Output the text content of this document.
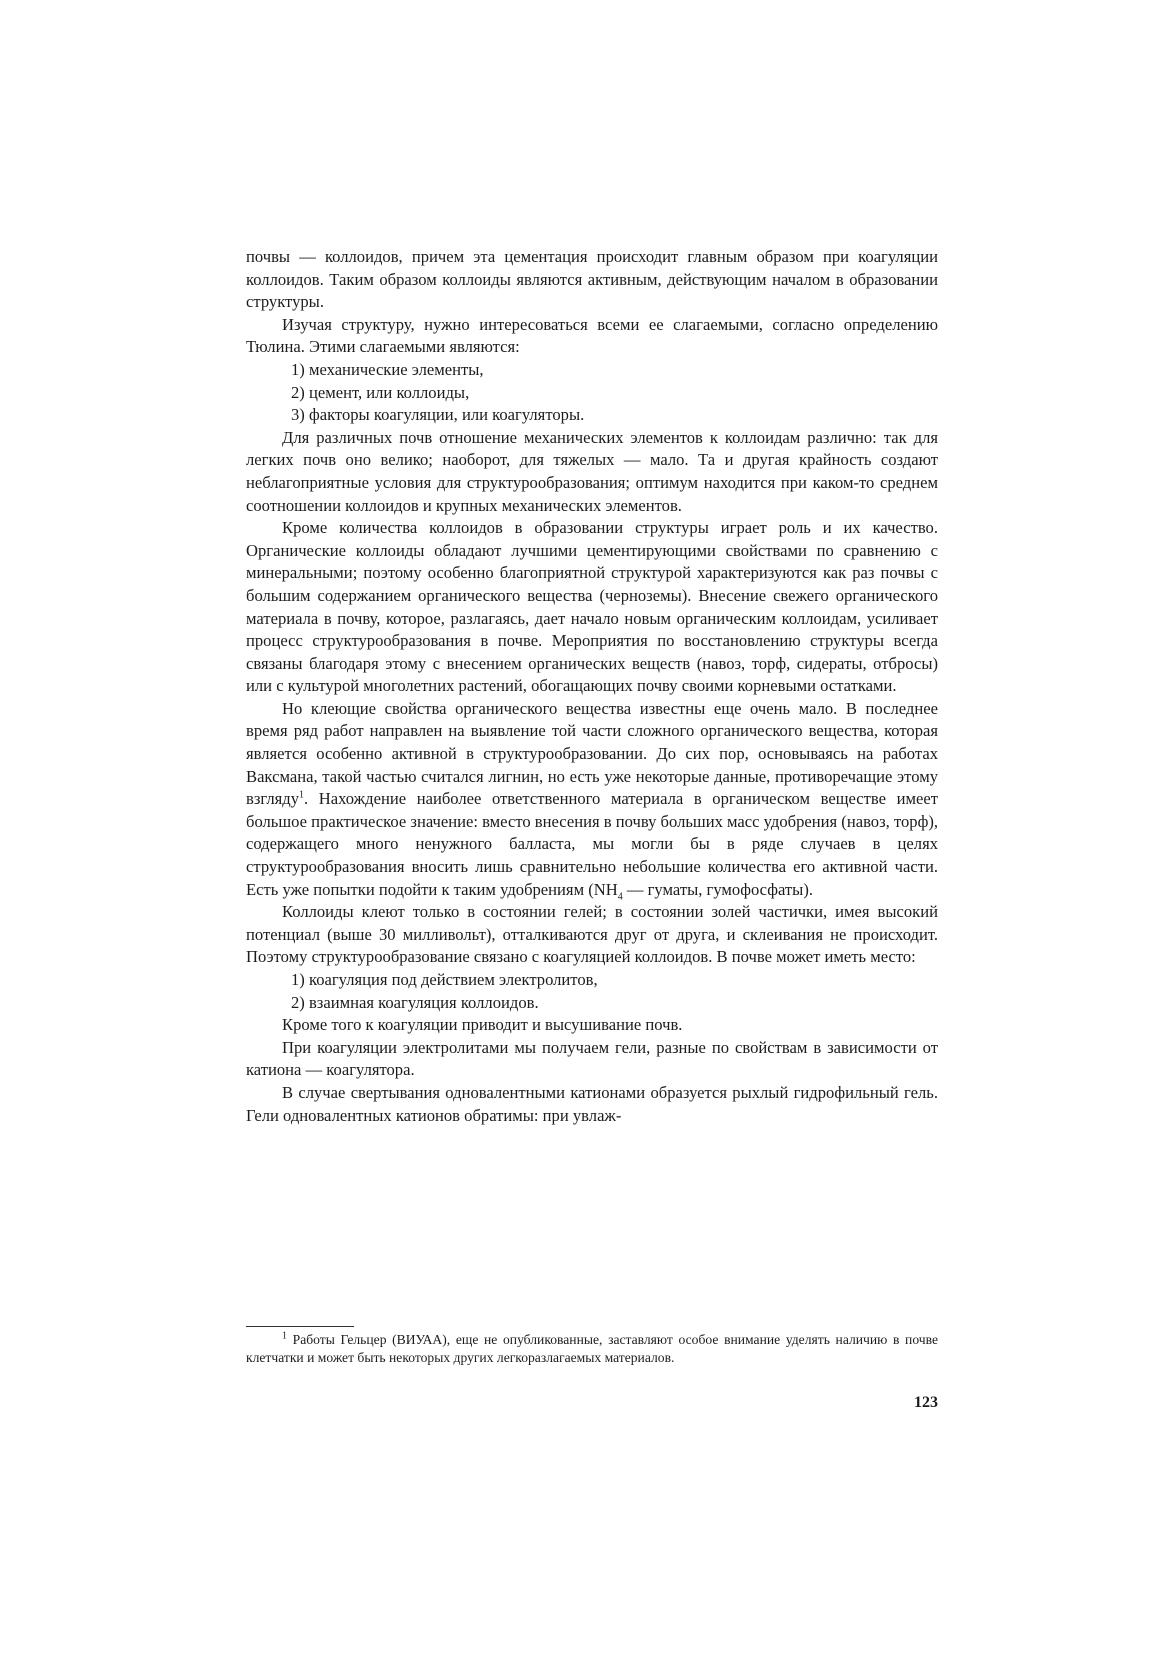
почвы — коллоидов, причем эта цементация происходит главным образом при коагуляции коллоидов. Таким образом коллоиды являются активным, действующим началом в образовании структуры.

Изучая структуру, нужно интересоваться всеми ее слагаемыми, согласно определению Тюлина. Этими слагаемыми являются:

1) механические элементы,

2) цемент, или коллоиды,

3) факторы коагуляции, или коагуляторы.

Для различных почв отношение механических элементов к коллоидам различно: так для легких почв оно велико; наоборот, для тяжелых — мало. Та и другая крайность создают неблагоприятные условия для структурообразования; оптимум находится при каком-то среднем соотношении коллоидов и крупных механических элементов.

Кроме количества коллоидов в образовании структуры играет роль и их качество. Органические коллоиды обладают лучшими цементирующими свойствами по сравнению с минеральными; поэтому особенно благоприятной структурой характеризуются как раз почвы с большим содержанием органического вещества (черноземы). Внесение свежего органического материала в почву, которое, разлагаясь, дает начало новым органическим коллоидам, усиливает процесс структурообразования в почве. Мероприятия по восстановлению структуры всегда связаны благодаря этому с внесением органических веществ (навоз, торф, сидераты, отбросы) или с культурой многолетних растений, обогащающих почву своими корневыми остатками.

Но клеющие свойства органического вещества известны еще очень мало. В последнее время ряд работ направлен на выявление той части сложного органического вещества, которая является особенно активной в структурообразовании. До сих пор, основываясь на работах Ваксмана, такой частью считался лигнин, но есть уже некоторые данные, противоречащие этому взгляду$^1$. Нахождение наиболее ответственного материала в органическом веществе имеет большое практическое значение: вместо внесения в почву больших масс удобрения (навоз, торф), содержащего много ненужного балласта, мы могли бы в ряде случаев в целях структурообразования вносить лишь сравнительно небольшие количества его активной части. Есть уже попытки подойти к таким удобрениям ($NH_4$ — гуматы, гумофосфаты).

Коллоиды клеют только в состоянии гелей; в состоянии золей частички, имея высокий потенциал (выше 30 милливольт), отталкиваются друг от друга, и склеивания не происходит. Поэтому структурообразование связано с коагуляцией коллоидов. В почве может иметь место:

1) коагуляция под действием электролитов,

2) взаимная коагуляция коллоидов.

Кроме того к коагуляции приводит и высушивание почв.

При коагуляции электролитами мы получаем гели, разные по свойствам в зависимости от катиона — коагулятора.

В случае свертывания одновалентными катионами образуется рыхлый гидрофильный гель. Гели одновалентных катионов обратимы: при увлаж-

$^1$ Работы Гельцер (ВИУАА), еще не опубликованные, заставляют особое внимание уделять наличию в почве клетчатки и может быть некоторых других легкоразлагаемых материалов.

123
